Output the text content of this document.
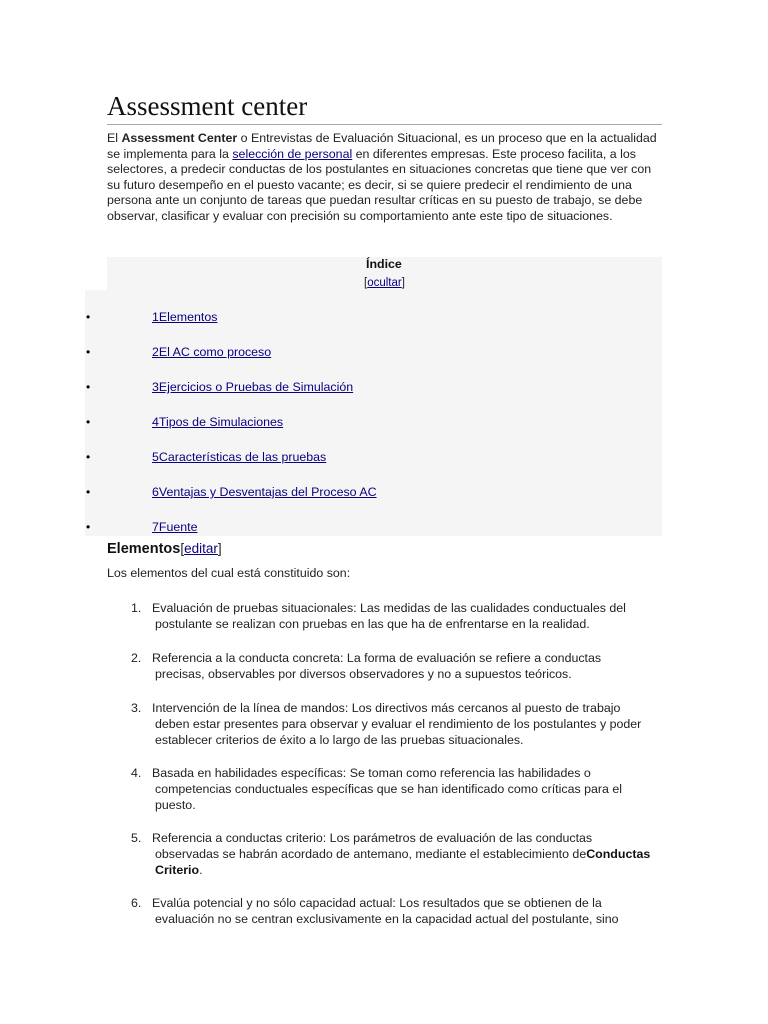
Assessment center

El Assessment Center o Entrevistas de Evaluación Situacional, es un proceso que en la actualidad se implementa para la selección de personal en diferentes empresas. Este proceso facilita, a los selectores, a predecir conductas de los postulantes en situaciones concretas que tiene que ver con su futuro desempeño en el puesto vacante; es decir, si se quiere predecir el rendimiento de una persona ante un conjunto de tareas que puedan resultar críticas en su puesto de trabajo, se debe observar, clasificar y evaluar con precisión su comportamiento ante este tipo de situaciones.

Índice
[ocultar]
•	1Elementos
•	2El AC como proceso
•	3Ejercicios o Pruebas de Simulación
•	4Tipos de Simulaciones
•	5Características de las pruebas
•	6Ventajas y Desventajas del Proceso AC
•	7Fuente
Elementos[editar]

Los elementos del cual está constituido son:

1. Evaluación de pruebas situacionales: Las medidas de las cualidades conductuales del
postulante se realizan con pruebas en las que ha de enfrentarse en la realidad.
2. Referencia a la conducta concreta: La forma de evaluación se refiere a conductas
precisas, observables por diversos observadores y no a supuestos teóricos.
3. Intervención de la línea de mandos: Los directivos más cercanos al puesto de trabajo
deben estar presentes para observar y evaluar el rendimiento de los postulantes y poder establecer criterios de éxito a lo largo de las pruebas situacionales.
4. Basada en habilidades específicas: Se toman como referencia las habilidades o
competencias conductuales específicas que se han identificado como críticas para el puesto.
5. Referencia a conductas criterio: Los parámetros de evaluación de las conductas
observadas se habrán acordado de antemano, mediante el establecimiento deConductas Criterio.
6. Evalúa potencial y no sólo capacidad actual: Los resultados que se obtienen de la
evaluación no se centran exclusivamente en la capacidad actual del postulante, sino
